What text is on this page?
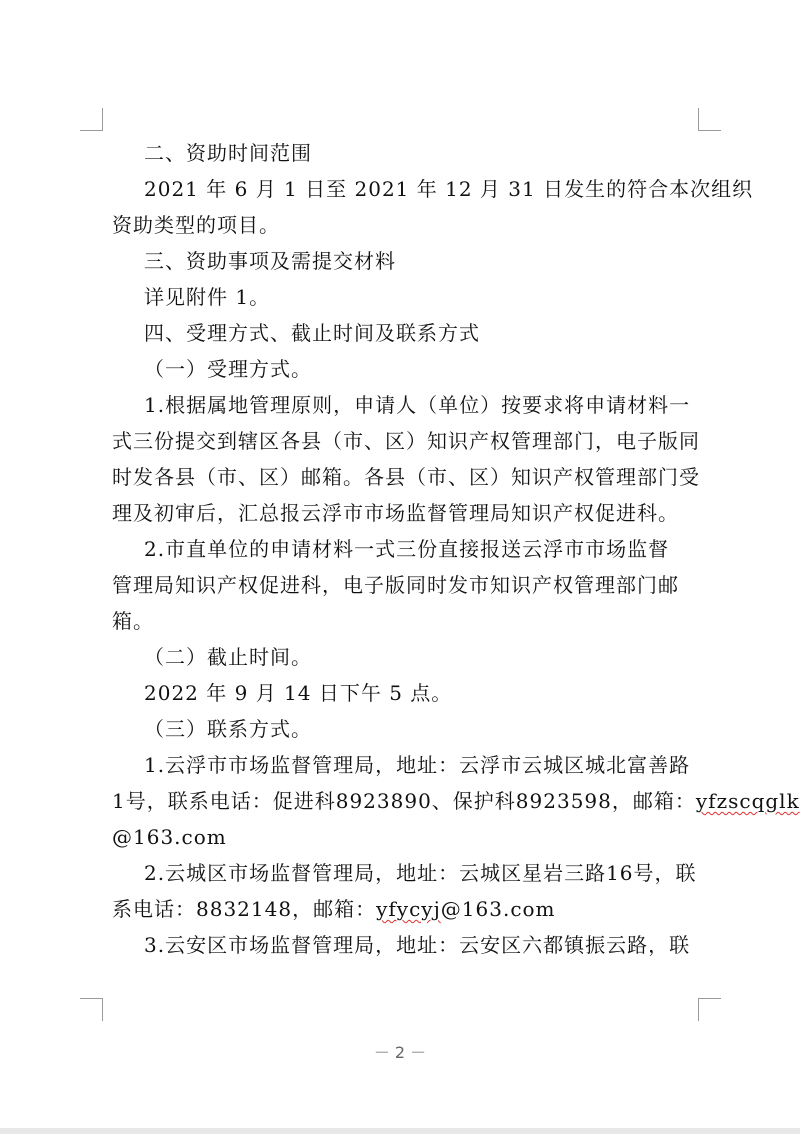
二、资助时间范围
2021 年 6 月 1 日至 2021 年 12 月 31 日发生的符合本次组织
资助类型的项目。
三、资助事项及需提交材料
详见附件 1。
四、受理方式、截止时间及联系方式
（一）受理方式。
1.根据属地管理原则，申请人（单位）按要求将申请材料一
式三份提交到辖区各县（市、区）知识产权管理部门，电子版同
时发各县（市、区）邮箱。各县（市、区）知识产权管理部门受
理及初审后，汇总报云浮市市场监督管理局知识产权促进科。
2.市直单位的申请材料一式三份直接报送云浮市市场监督
管理局知识产权促进科，电子版同时发市知识产权管理部门邮
箱。
（二）截止时间。
2022 年 9 月 14 日下午 5 点。
（三）联系方式。
1.云浮市市场监督管理局，地址：云浮市云城区城北富善路
1号，联系电话：促进科8923890、保护科8923598，邮箱：yfzscqglk
@163.com
2.云城区市场监督管理局，地址：云城区星岩三路16号，联
系电话：8832148，邮箱：yfycyj@163.com
3.云安区市场监督管理局，地址：云安区六都镇振云路，联
－ 2 －
